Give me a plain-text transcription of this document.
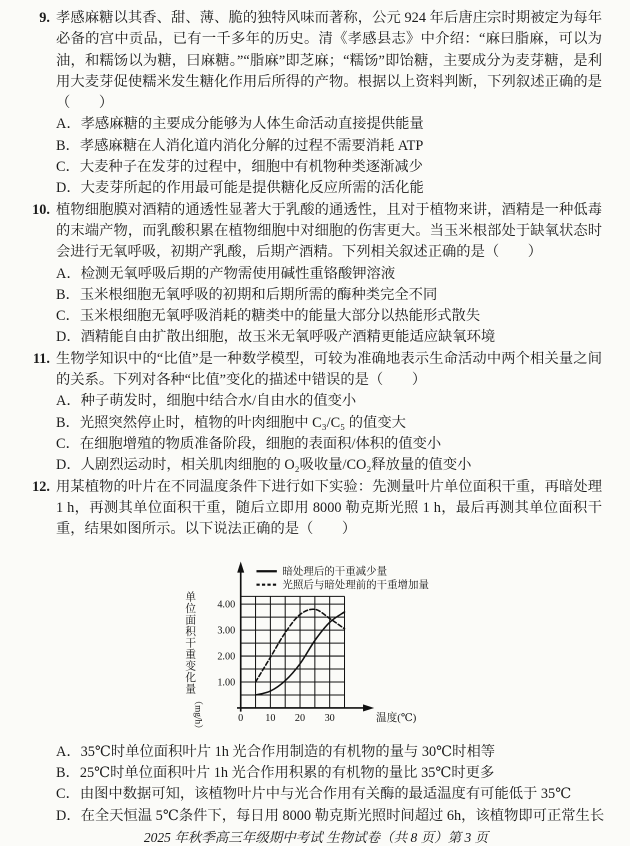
9. 孝感麻糖以其香、甜、薄、脆的独特风味而著称，公元 924 年后唐庄宗时期被定为每年必备的宫中贡品，已有一千多年的历史。清《孝感县志》中介绍：“麻曰脂麻，可以为油，和糯饧以为糖，曰麻糖。”“脂麻”即芝麻；“糯饧”即饴糖，主要成分为麦芽糖，是利用大麦芽促使糯米发生糖化作用后所得的产物。根据以上资料判断，下列叙述正确的是（　　）
A．孝感麻糖的主要成分能够为人体生命活动直接提供能量
B．孝感麻糖在人消化道内消化分解的过程不需要消耗 ATP
C．大麦种子在发芽的过程中，细胞中有机物种类逐渐减少
D．大麦芽所起的作用最可能是提供糖化反应所需的活化能
10. 植物细胞膜对酒精的通透性显著大于乳酸的通透性，且对于植物来讲，酒精是一种低毒的末端产物，而乳酸积累在植物细胞中对细胞的伤害更大。当玉米根部处于缺氧状态时会进行无氧呼吸，初期产乳酸，后期产酒精。下列相关叙述正确的是（　　）
A．检测无氧呼吸后期的产物需使用碱性重铬酸钾溶液
B．玉米根细胞无氧呼吸的初期和后期所需的酶种类完全不同
C．玉米根细胞无氧呼吸消耗的糖类中的能量大部分以热能形式散失
D．酒精能自由扩散出细胞，故玉米无氧呼吸产酒精更能适应缺氧环境
11. 生物学知识中的“比值”是一种数学模型，可较为准确地表示生命活动中两个相关量之间的关系。下列对各种“比值”变化的描述中错误的是（　　）
A．种子萌发时，细胞中结合水/自由水的值变小
B．光照突然停止时，植物的叶肉细胞中 C₃/C₅ 的值变大
C．在细胞增殖的物质准备阶段，细胞的表面积/体积的值变小
D．人剧烈运动时，相关肌肉细胞的 O₂吸收量/CO₂释放量的值变小
12. 用某植物的叶片在不同温度条件下进行如下实验：先测量叶片单位面积干重，再暗处理 1 h，再测其单位面积干重，随后立即用 8000 勒克斯光照 1 h，最后再测其单位面积干重，结果如图所示。以下说法正确的是（　　）
1.00
2.00
3.00
4.00
0 10 20 30	温度(℃)
单位面积干重变化量
（mg/h）
暗处理后的干重减少量
光照后与暗处理前的干重增加量
A．35℃时单位面积叶片 1h 光合作用制造的有机物的量与 30℃时相等
B．25℃时单位面积叶片 1h 光合作用积累的有机物的量比 35℃时更多
C．由图中数据可知，该植物叶片中与光合作用有关酶的最适温度有可能低于 35℃
D．在全天恒温 5℃条件下，每日用 8000 勒克斯光照时间超过 6h，该植物即可正常生长
2025 年秋季高三年级期中考试 生物试卷（共 8 页）第 3 页
